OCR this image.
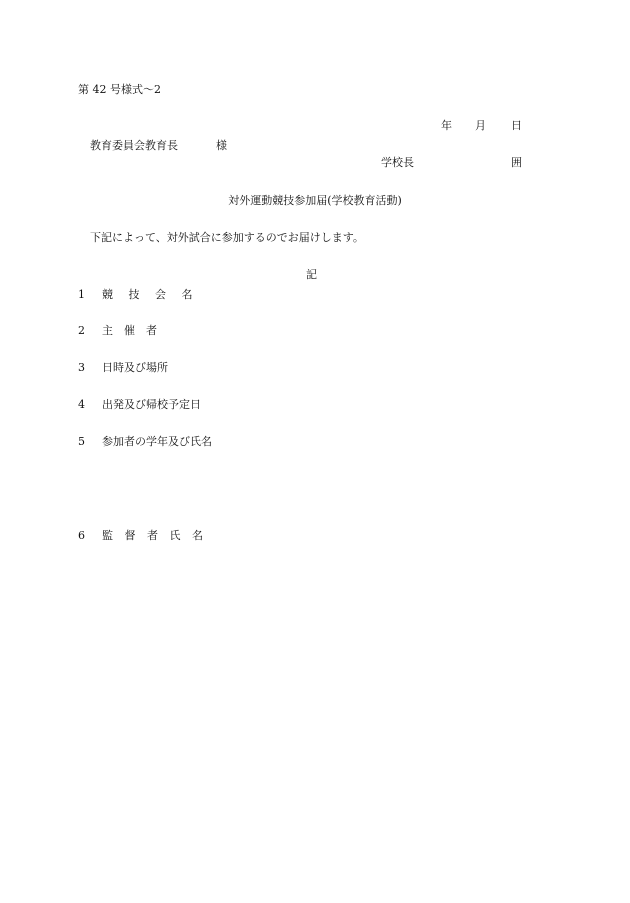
第 42 号様式〜2
年 月 日
教育委員会教育長	様
学校長	囲
対外運動競技参加届(学校教育活動)
下記によって、対外試合に参加するのでお届けします。
記
1 競 技 会 名
2 主　催　者
3 日時及び場所
4 出発及び帰校予定日
5 参加者の学年及び氏名
6 監 督 者 氏 名
